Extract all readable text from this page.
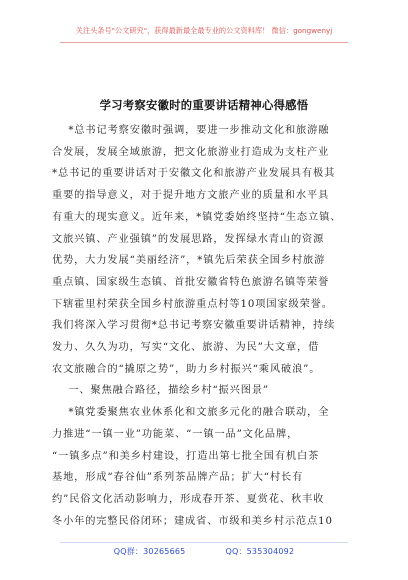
关注头条号"公文研究"，获得最新最全最专业的公文资料库！ 微信：gongwenyj
学习考察安徽时的重要讲话精神心得感悟

*总书记考察安徽时强调，要进一步推动文化和旅游融
合发展，发展全域旅游，把文化旅游业打造成为支柱产业
*总书记的重要讲话对于安徽文化和旅游产业发展具有极其
重要的指导意义，对于提升地方文旅产业的质量和水平具
有重大的现实意义。近年来，*镇党委始终坚持“生态立镇、
文旅兴镇、产业强镇”的发展思路，发挥绿水青山的资源
优势，大力发展“美丽经济”，*镇先后荣获全国乡村旅游
重点镇、国家级生态镇、首批安徽省特色旅游名镇等荣誉
下辖霍里村荣获全国乡村旅游重点村等10项国家级荣誉。
我们将深入学习贯彻*总书记考察安徽重要讲话精神，持续
发力、久久为功，写实“文化、旅游、为民”大文章，借
农文旅融合的“撬原之势”，助力乡村振兴“乘风破浪”。

一、聚焦融合路径，描绘乡村“振兴图景”

*镇党委聚焦农业休系化和文旅多元化的融合联动，全
力推进“一镇一业”功能菜、“一镇一品”文化品牌，
“一镇多点”和美乡村建设，打造出第七批全国有机白茶
基地，形成“春谷仙”系列茶品牌产品；扩大“村长有
约”民俗文化活动影响力，形成春开茶、夏赏花、秋丰收
冬小年的完整民俗闭环；建成省、市级和美乡村示范点10

QQ群：30265665	QQ：535304092
